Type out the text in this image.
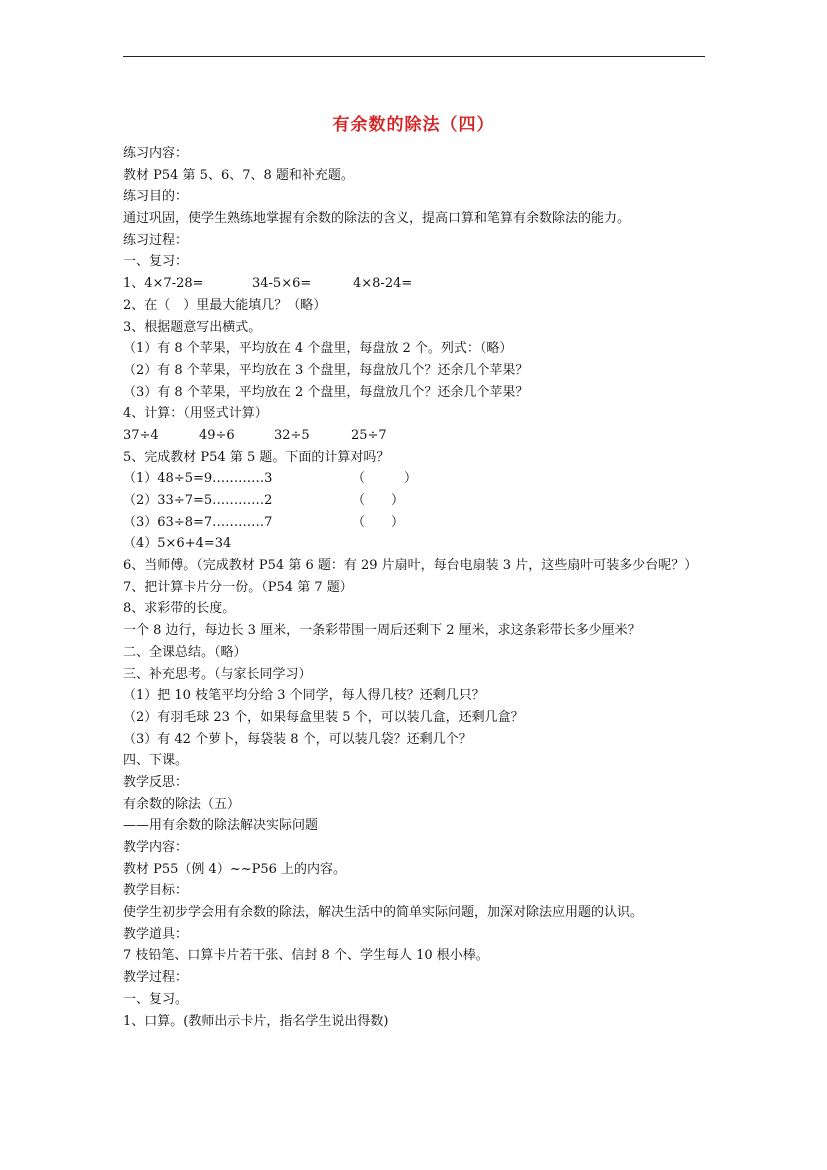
有余数的除法（四）
练习内容：
教材 P54 第 5、6、7、8 题和补充题。
练习目的：
通过巩固，使学生熟练地掌握有余数的除法的含义，提高口算和笔算有余数除法的能力。
练习过程：
一、复习：
1、4×7-28=	34-5×6=	4×8-24=
2、在（　）里最大能填几？（略）
3、根据题意写出横式。
（1）有 8 个苹果，平均放在 4 个盘里，每盘放 2 个。列式：（略）
（2）有 8 个苹果，平均放在 3 个盘里，每盘放几个？还余几个苹果？
（3）有 8 个苹果，平均放在 2 个盘里，每盘放几个？还余几个苹果？
4、计算：（用竖式计算）
37÷4	49÷6	32÷5	25÷7
5、完成教材 P54 第 5 题。下面的计算对吗？
（1）48÷5=9…………3	（　　　）
（2）33÷7=5…………2	（　　）
（3）63÷8=7…………7	（　　）
（4）5×6+4=34
6、当师傅。（完成教材 P54 第 6 题：有 29 片扇叶，每台电扇装 3 片，这些扇叶可装多少台呢？）
7、把计算卡片分一份。（P54 第 7 题）
8、求彩带的长度。
一个 8 边行，每边长 3 厘米，一条彩带围一周后还剩下 2 厘米，求这条彩带长多少厘米？
二、全课总结。（略）
三、补充思考。（与家长同学习）
（1）把 10 枝笔平均分给 3 个同学，每人得几枝？还剩几只？
（2）有羽毛球 23 个，如果每盒里装 5 个，可以装几盒，还剩几盒？
（3）有 42 个萝卜，每袋装 8 个，可以装几袋？还剩几个？
四、下课。
教学反思：
有余数的除法（五）
——用有余数的除法解决实际问题
教学内容：
教材 P55（例 4）~~P56 上的内容。
教学目标：
使学生初步学会用有余数的除法，解决生活中的简单实际问题，加深对除法应用题的认识。
教学道具：
7 枝铅笔、口算卡片若干张、信封 8 个、学生每人 10 根小棒。
教学过程：
一、复习。
1、口算。(教师出示卡片，指名学生说出得数)
